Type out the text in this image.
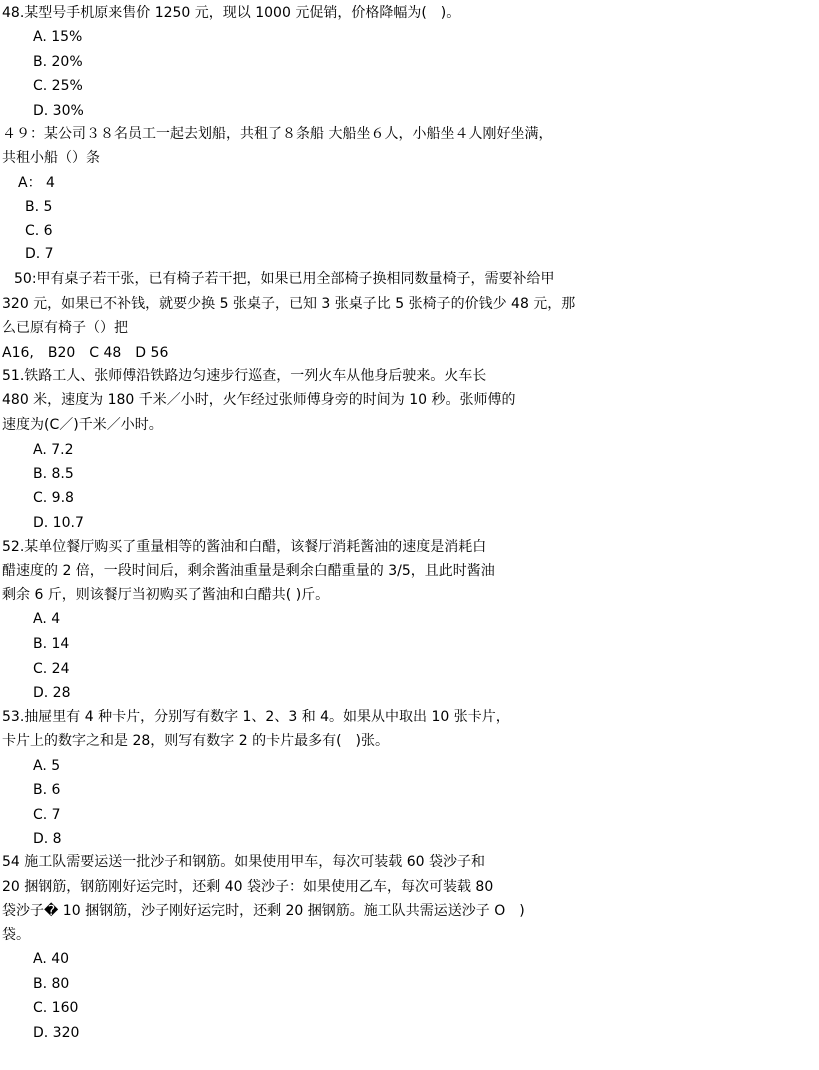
48.某型号手机原来售价 1250 元，现以 1000 元促销，价格降幅为(　)。
A. 15%
B. 20%
C. 25%
D. 30%
４９：某公司３８名员工一起去划船，共租了８条船 大船坐６人，小船坐４人刚好坐满，
共租小船（）条
A： 4
B. 5
C. 6
D. 7
50:甲有桌子若干张，已有椅子若干把，如果已用全部椅子换相同数量椅子，需要补给甲
320 元，如果已不补钱，就要少换 5 张桌子，已知 3 张桌子比 5 张椅子的价钱少 48 元，那
么已原有椅子（）把
A16,　B20　C 48　D 56
51.铁路工人、张师傅沿铁路边匀速步行巡查，一列火车从他身后驶来。火车长
480 米，速度为 180 千米／小时，火乍经过张师傅身旁的时间为 10 秒。张师傅的
速度为(C／)千米／小时。
A. 7.2
B. 8.5
C. 9.8
D. 10.7
52.某单位餐厅购买了重量相等的酱油和白醋，该餐厅消耗酱油的速度是消耗白
醋速度的 2 倍，一段时间后，剩余酱油重量是剩余白醋重量的 3/5，且此时酱油
剩余 6 斤，则该餐厅当初购买了酱油和白醋共( )斤。
A. 4
B. 14
C. 24
D. 28
53.抽屉里有 4 种卡片，分别写有数字 1、2、3 和 4。如果从中取出 10 张卡片，
卡片上的数字之和是 28，则写有数字 2 的卡片最多有(　)张。
A. 5
B. 6
C. 7
D. 8
54 施工队需要运送一批沙子和钢筋。如果使用甲车，每次可装载 60 袋沙子和
20 捆钢筋，钢筋刚好运完时，还剩 40 袋沙子：如果使用乙车，每次可装载 80
袋沙子� 10 捆钢筋，沙子刚好运完时，还剩 20 捆钢筋。施工队共需运送沙子 O　)
袋。
A. 40
B. 80
C. 160
D. 320
